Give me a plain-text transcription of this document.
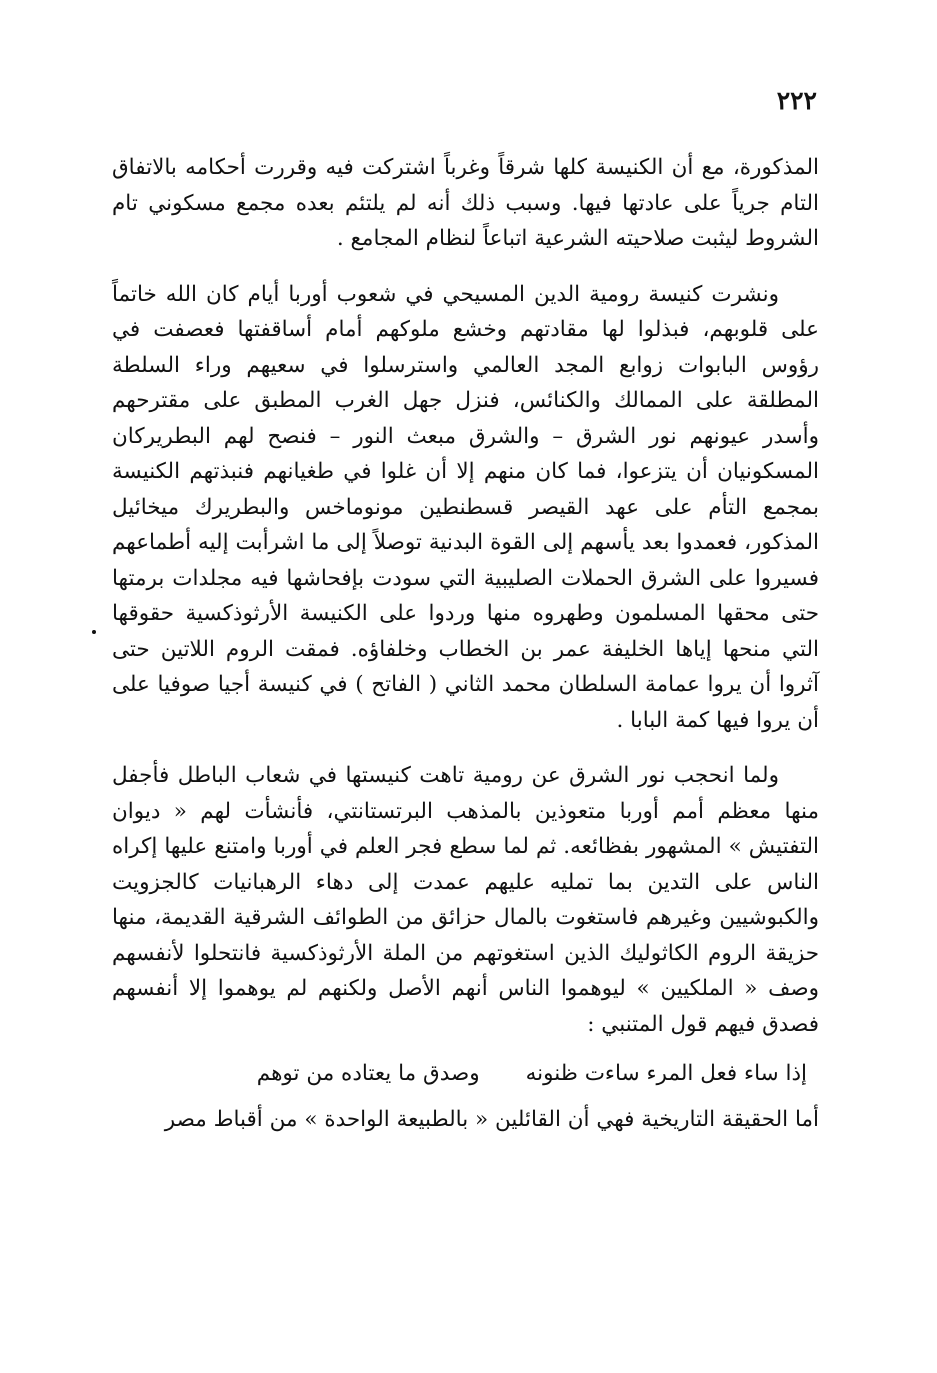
٢٢٢

المذكورة، مع أن الكنيسة كلها شرقاً وغرباً اشتركت فيه وقررت أحكامه بالاتفاق التام جرياً على عادتها فيها. وسبب ذلك أنه لم يلتئم بعده مجمع مسكوني تام الشروط ليثبت صلاحيته الشرعية اتباعاً لنظام المجامع .

ونشرت كنيسة رومية الدين المسيحي في شعوب أوربا أيام كان الله خاتماً على قلوبهم، فبذلوا لها مقادتهم وخشع ملوكهم أمام أساقفتها فعصفت في رؤوس البابوات زوابع المجد العالمي واسترسلوا في سعيهم وراء السلطة المطلقة على الممالك والكنائس، فنزل جهل الغرب المطبق على مقترحهم وأسدر عيونهم نور الشرق – والشرق مبعث النور – فنصح لهم البطريركان المسكونيان أن يتزعوا، فما كان منهم إلا أن غلوا في طغيانهم فنبذتهم الكنيسة بمجمع التأم على عهد القيصر قسطنطين مونوماخس والبطريرك ميخائيل المذكور، فعمدوا بعد يأسهم إلى القوة البدنية توصلاً إلى ما اشرأبت إليه أطماعهم فسيروا على الشرق الحملات الصليبية التي سودت بإفحاشها فيه مجلدات برمتها حتى محقها المسلمون وطهروه منها وردوا على الكنيسة الأرثوذكسية حقوقها التي منحها إياها الخليفة عمر بن الخطاب وخلفاؤه. فمقت الروم اللاتين حتى آثروا أن يروا عمامة السلطان محمد الثاني ( الفاتح ) في كنيسة أجيا صوفيا على أن يروا فيها كمة البابا .

ولما انحجب نور الشرق عن رومية تاهت كنيستها في شعاب الباطل فأجفل منها معظم أمم أوربا متعوذين بالمذهب البرتستانتي، فأنشأت لهم « ديوان التفتيش » المشهور بفظائعه. ثم لما سطع فجر العلم في أوربا وامتنع عليها إكراه الناس على التدين بما تمليه عليهم عمدت إلى دهاء الرهبانيات كالجزويت والكبوشيين وغيرهم فاستغوت بالمال حزائق من الطوائف الشرقية القديمة، منها حزيقة الروم الكاثوليك الذين استغوتهم من الملة الأرثوذكسية فانتحلوا لأنفسهم وصف « الملكيين » ليوهموا الناس أنهم الأصل ولكنهم لم يوهموا إلا أنفسهم فصدق فيهم قول المتنبي :

إذا ساء فعل المرء ساءت ظنونه
وصدق ما يعتاده من توهم

أما الحقيقة التاريخية فهي أن القائلين « بالطبيعة الواحدة » من أقباط مصر
